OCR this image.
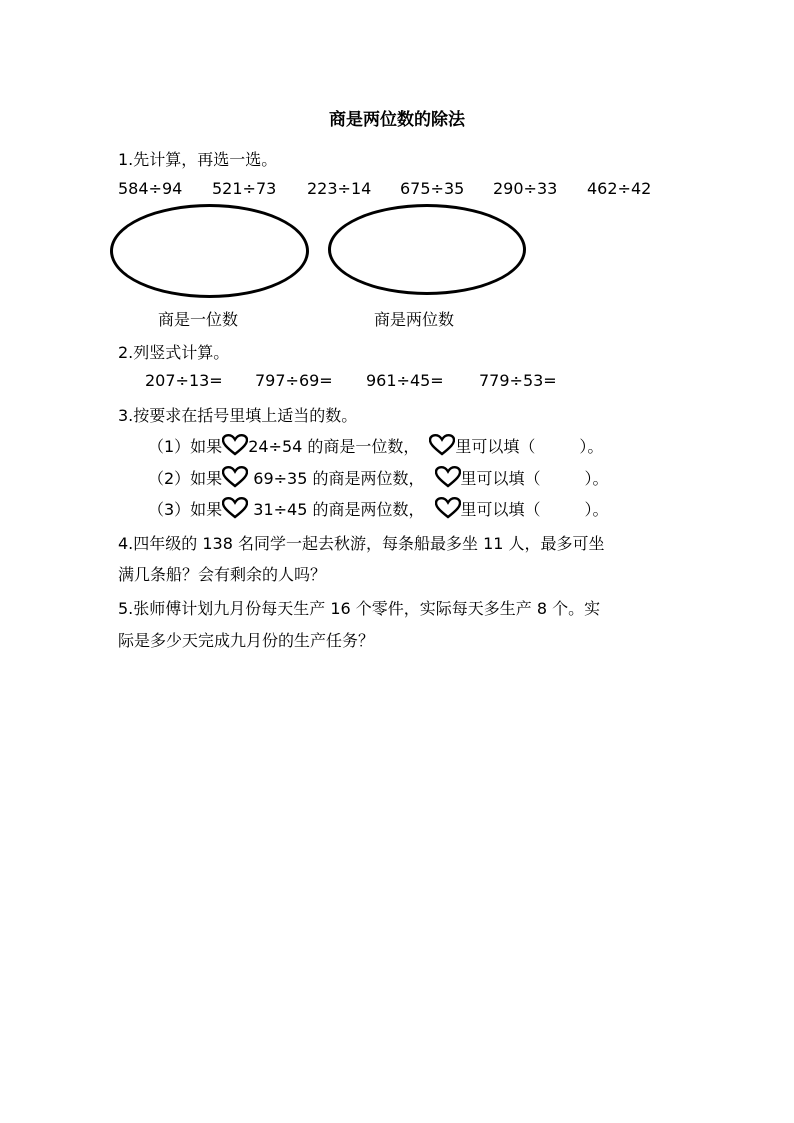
商是两位数的除法
1.先计算，再选一选。
584÷94 521÷73 223÷14 675÷35 290÷33 462÷42
商是一位数	商是两位数
2.列竖式计算。
207÷13= 797÷69= 961÷45= 779÷53=
3.按要求在括号里填上适当的数。
（1）如果 24÷54 的商是一位数， 里可以填（	）。
（2）如果
69÷35 的商是两位数， 里可以填（	）。
（3）如果
31÷45 的商是两位数， 里可以填（	）。
4.四年级的 138 名同学一起去秋游，每条船最多坐 11 人，最多可坐
满几条船？会有剩余的人吗？
5.张师傅计划九月份每天生产 16 个零件，实际每天多生产 8 个。实
际是多少天完成九月份的生产任务？
